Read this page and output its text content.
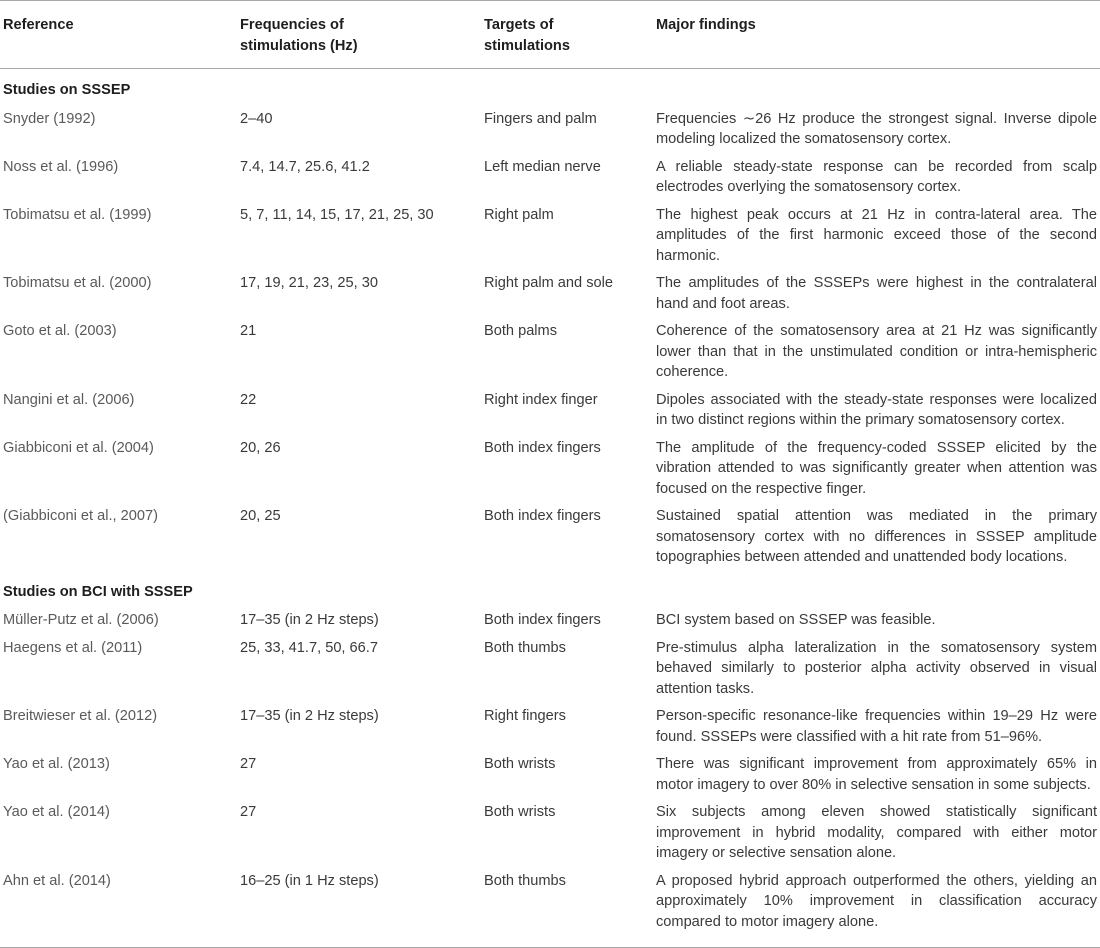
Reference	Frequencies of stimulations (Hz)	Targets of stimulations	Major findings
Studies on SSSEP			
Snyder (1992)	2–40	Fingers and palm	Frequencies ∼26 Hz produce the strongest signal. Inverse dipole modeling localized the somatosensory cortex.
Noss et al. (1996)	7.4, 14.7, 25.6, 41.2	Left median nerve	A reliable steady-state response can be recorded from scalp electrodes overlying the somatosensory cortex.
Tobimatsu et al. (1999)	5, 7, 11, 14, 15, 17, 21, 25, 30	Right palm	The highest peak occurs at 21 Hz in contra-lateral area. The amplitudes of the first harmonic exceed those of the second harmonic.
Tobimatsu et al. (2000)	17, 19, 21, 23, 25, 30	Right palm and sole	The amplitudes of the SSSEPs were highest in the contralateral hand and foot areas.
Goto et al. (2003)	21	Both palms	Coherence of the somatosensory area at 21 Hz was significantly lower than that in the unstimulated condition or intra-hemispheric coherence.
Nangini et al. (2006)	22	Right index finger	Dipoles associated with the steady-state responses were localized in two distinct regions within the primary somatosensory cortex.
Giabbiconi et al. (2004)	20, 26	Both index fingers	The amplitude of the frequency-coded SSSEP elicited by the vibration attended to was significantly greater when attention was focused on the respective finger.
(Giabbiconi et al., 2007)	20, 25	Both index fingers	Sustained spatial attention was mediated in the primary somatosensory cortex with no differences in SSSEP amplitude topographies between attended and unattended body locations.
Studies on BCI with SSSEP			
Müller-Putz et al. (2006)	17–35 (in 2 Hz steps)	Both index fingers	BCI system based on SSSEP was feasible.
Haegens et al. (2011)	25, 33, 41.7, 50, 66.7	Both thumbs	Pre-stimulus alpha lateralization in the somatosensory system behaved similarly to posterior alpha activity observed in visual attention tasks.
Breitwieser et al. (2012)	17–35 (in 2 Hz steps)	Right fingers	Person-specific resonance-like frequencies within 19–29 Hz were found. SSSEPs were classified with a hit rate from 51–96%.
Yao et al. (2013)	27	Both wrists	There was significant improvement from approximately 65% in motor imagery to over 80% in selective sensation in some subjects.
Yao et al. (2014)	27	Both wrists	Six subjects among eleven showed statistically significant improvement in hybrid modality, compared with either motor imagery or selective sensation alone.
Ahn et al. (2014)	16–25 (in 1 Hz steps)	Both thumbs	A proposed hybrid approach outperformed the others, yielding an approximately 10% improvement in classification accuracy compared to motor imagery alone.
